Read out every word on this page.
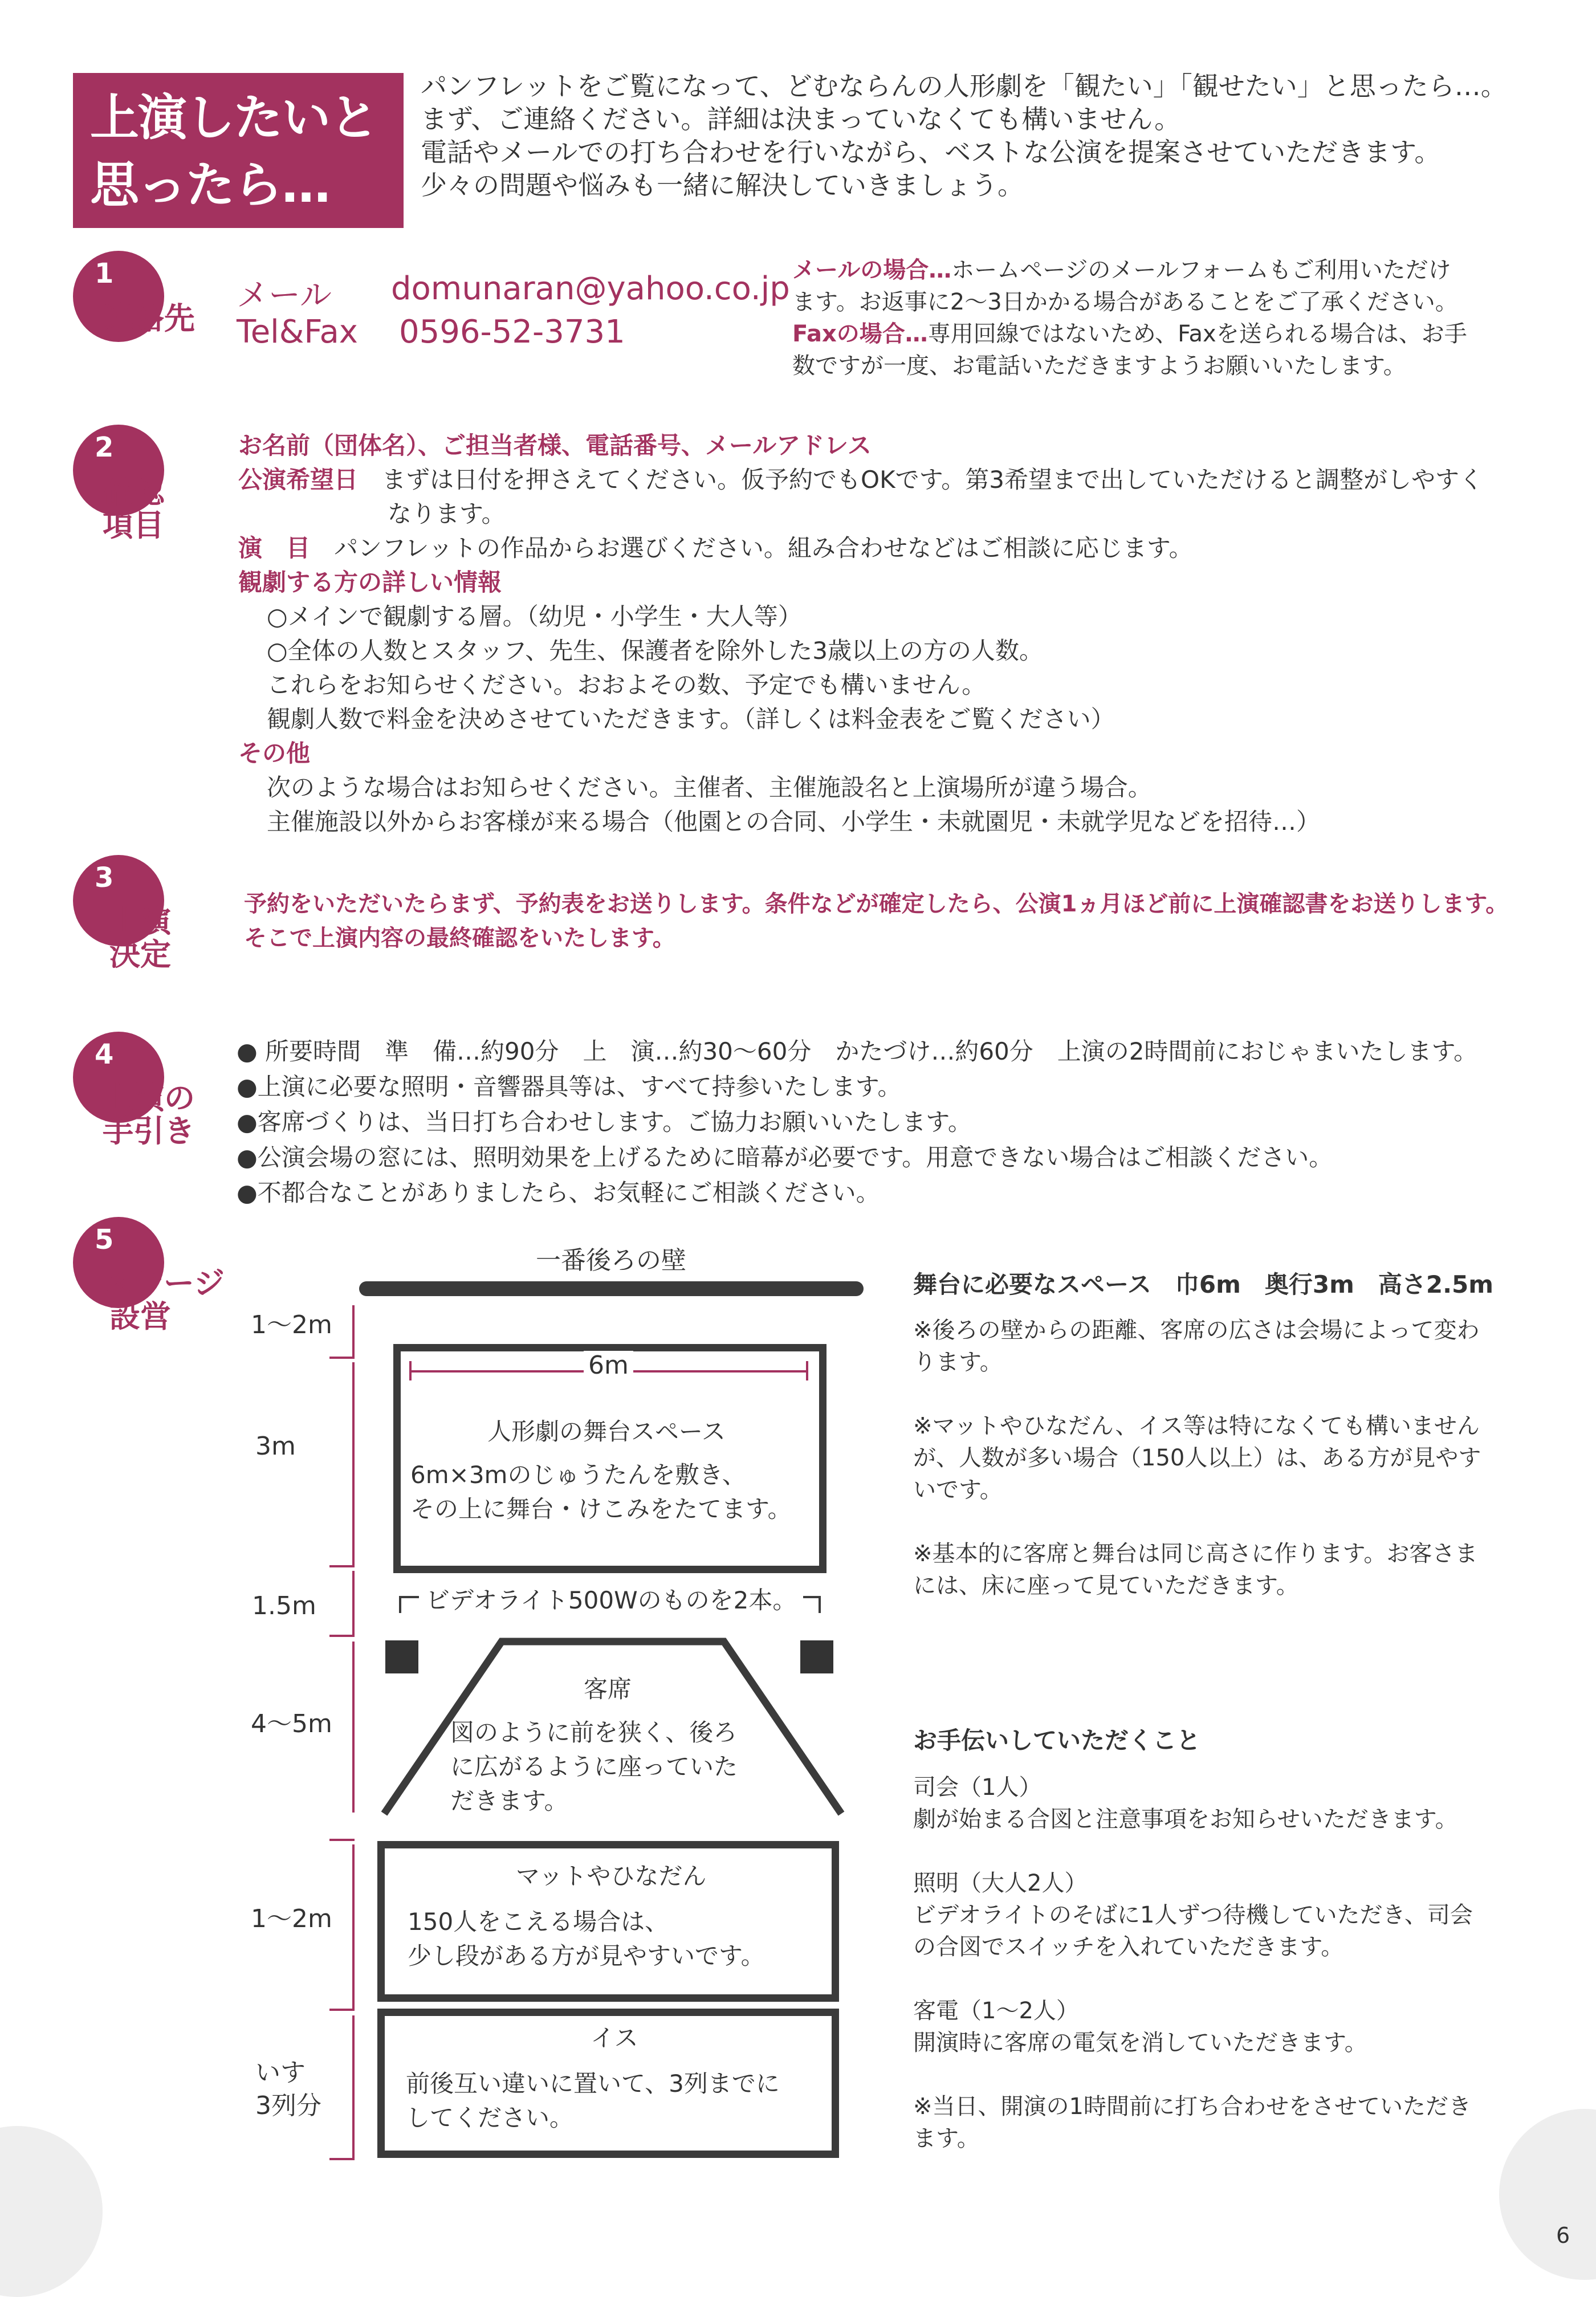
上演したいと
思ったら…
パンフレットをご覧になって、どむならんの人形劇を「観たい」「観せたい」と思ったら…。
まず、ご連絡ください。詳細は決まっていなくても構いません。
電話やメールでの打ち合わせを行いながら、ベストな公演を提案させていただきます。
少々の問題や悩みも一緒に解決していきましょう。
1
連絡先
メール domunaran@yahoo.co.jp
Tel&Fax 0596-52-3731
メールの場合…ホームページのメールフォームもご利用いただけ
ます。お返事に2～3日かかる場合があることをご了承ください。
Faxの場合…専用回線ではないため、Faxを送られる場合は、お手
数ですが一度、お電話いただきますようお願いいたします。
2
確認
項目
お名前（団体名）、ご担当者様、電話番号、メールアドレス
公演希望日　 まずは日付を押さえてください。仮予約でもOKです。第3希望まで出していただけると調整がしやすく
なります。
演　目　 パンフレットの作品からお選びください。組み合わせなどはご相談に応じます。
観劇する方の詳しい情報
○メインで観劇する層。（幼児・小学生・大人等）
○全体の人数とスタッフ、先生、保護者を除外した3歳以上の方の人数。
これらをお知らせください。おおよその数、予定でも構いません。
観劇人数で料金を決めさせていただきます。（詳しくは料金表をご覧ください）
その他
次のような場合はお知らせください。主催者、主催施設名と上演場所が違う場合。
主催施設以外からお客様が来る場合（他園との合同、小学生・未就園児・未就学児などを招待…）
3
上演
決定
予約をいただいたらまず、予約表をお送りします。条件などが確定したら、公演1ヵ月ほど前に上演確認書をお送りします。
そこで上演内容の最終確認をいたします。
4
上演の
手引き
● 所要時間　準　備…約90分　上　演…約30～60分　かたづけ…約60分　上演の2時間前におじゃまいたします。
●上演に必要な照明・音響器具等は、すべて持参いたします。
●客席づくりは、当日打ち合わせします。ご協力お願いいたします。
●公演会場の窓には、照明効果を上げるために暗幕が必要です。用意できない場合はご相談ください。
●不都合なことがありましたら、お気軽にご相談ください。
5
ステージ
設営
一番後ろの壁
1～2m
3m
1.5m
4～5m
1～2m
いす
3列分
6m
人形劇の舞台スペース
6m×3mのじゅうたんを敷き、
その上に舞台・けこみをたてます。
ビデオライト500Wのものを2本。
客席
図のように前を狭く、後ろ
に広がるように座っていた
だきます。
マットやひなだん
150人をこえる場合は、
少し段がある方が見やすいです。
イス
前後互い違いに置いて、3列までに
してください。
舞台に必要なスペース　巾6m　奥行3m　高さ2.5m
※後ろの壁からの距離、客席の広さは会場によって変わ
ります。
※マットやひなだん、イス等は特になくても構いません
が、人数が多い場合（150人以上）は、ある方が見やす
いです。
※基本的に客席と舞台は同じ高さに作ります。お客さま
には、床に座って見ていただきます。
お手伝いしていただくこと
司会（1人）
劇が始まる合図と注意事項をお知らせいただきます。
照明（大人2人）
ビデオライトのそばに1人ずつ待機していただき、司会
の合図でスイッチを入れていただきます。
客電（1～2人）
開演時に客席の電気を消していただきます。
※当日、開演の1時間前に打ち合わせをさせていただき
ます。
6
